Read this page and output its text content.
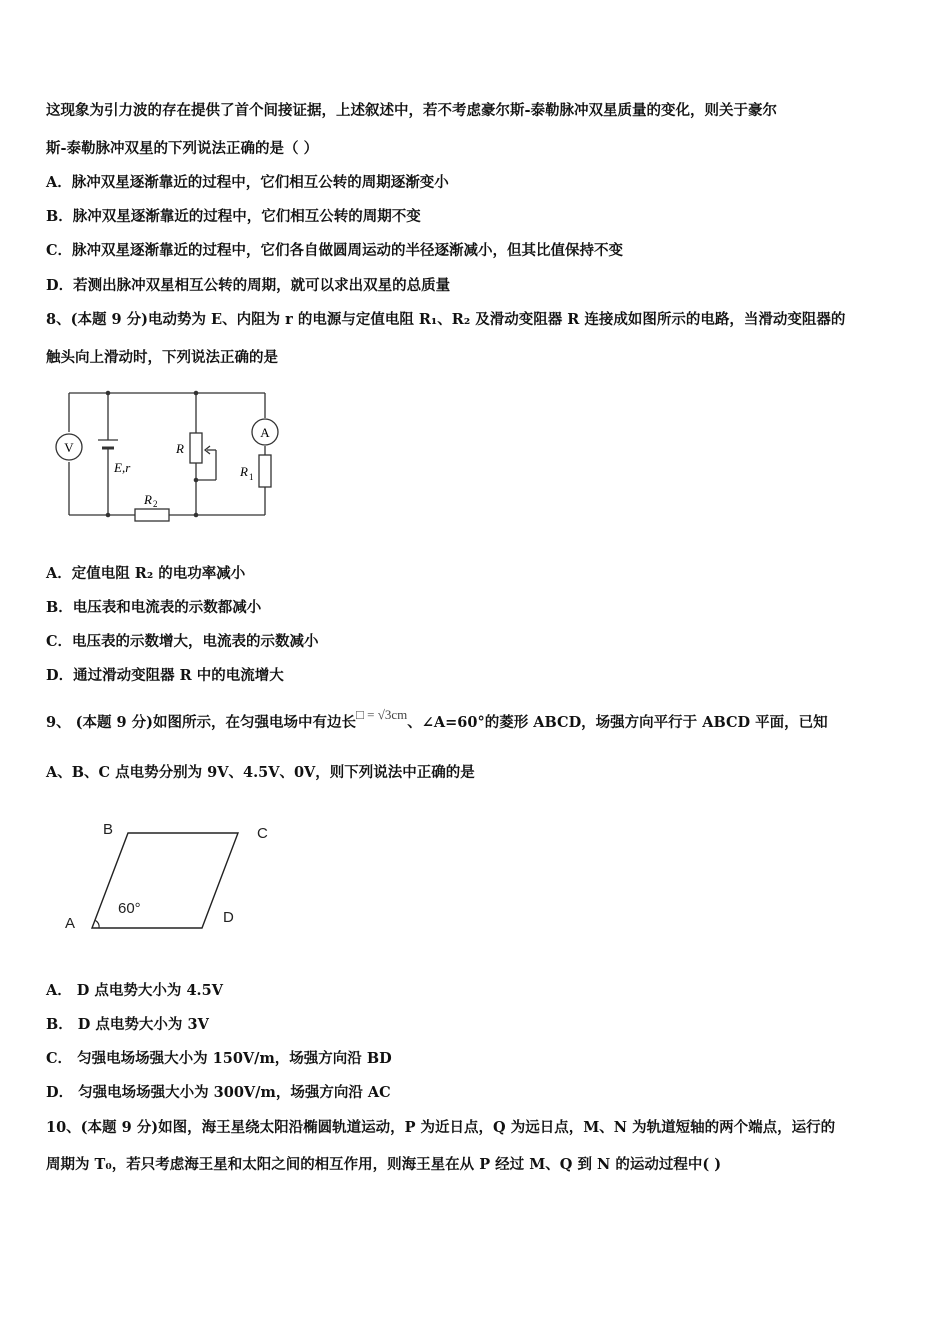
这现象为引力波的存在提供了首个间接证据，上述叙述中，若不考虑豪尔斯-泰勒脉冲双星质量的变化，则关于豪尔
斯-泰勒脉冲双星的下列说法正确的是（ ）
A．脉冲双星逐渐靠近的过程中，它们相互公转的周期逐渐变小
B．脉冲双星逐渐靠近的过程中，它们相互公转的周期不变
C．脉冲双星逐渐靠近的过程中，它们各自做圆周运动的半径逐渐减小，但其比值保持不变
D．若测出脉冲双星相互公转的周期，就可以求出双星的总质量
8、(本题 9 分)电动势为 E、内阻为 r 的电源与定值电阻 R₁、R₂ 及滑动变阻器 R 连接成如图所示的电路，当滑动变阻器的
触头向上滑动时，下列说法正确的是
V
A
E,r
R
R 1
R 2
A．定值电阻 R₂ 的电功率减小
B．电压表和电流表的示数都减小
C．电压表的示数增大，电流表的示数减小
D．通过滑动变阻器 R 中的电流增大
9、 (本题 9 分)如图所示，在匀强电场中有边长□ = √3cm、∠A=60°的菱形 ABCD，场强方向平行于 ABCD 平面，已知
A、B、C 点电势分别为 9V、4.5V、0V，则下列说法中正确的是
B	C
A	D
60°
A． D 点电势大小为 4.5V
B． D 点电势大小为 3V
C． 匀强电场场强大小为 150V/m，场强方向沿 BD
D． 匀强电场场强大小为 300V/m，场强方向沿 AC
10、(本题 9 分)如图，海王星绕太阳沿椭圆轨道运动，P 为近日点，Q 为远日点，M、N 为轨道短轴的两个端点，运行的
周期为 T₀，若只考虑海王星和太阳之间的相互作用，则海王星在从 P 经过 M、Q 到 N 的运动过程中( )
